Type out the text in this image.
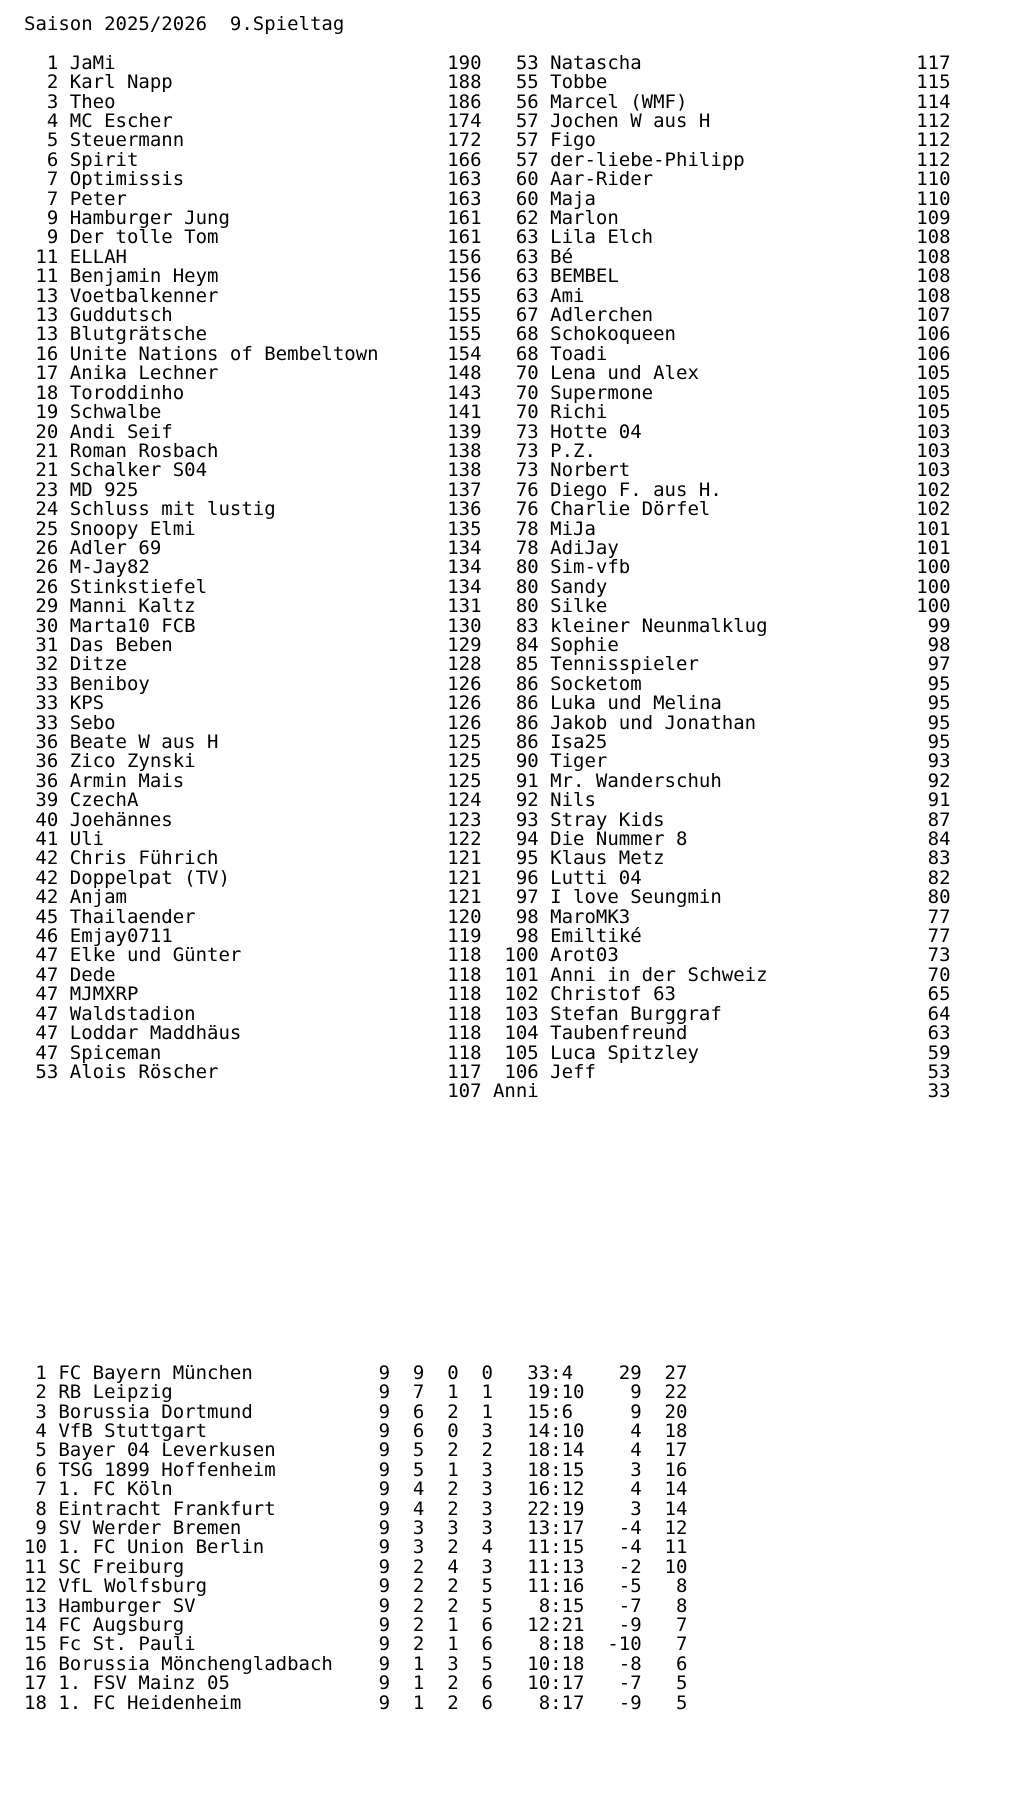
Saison 2025/2026  9.Spieltag
1 JaMi	190
2 Karl Napp	188
3 Theo	186
4 MC Escher	174
5 Steuermann	172
6 Spirit	166
7 Optimissis	163
7 Peter	163
9 Hamburger Jung	161
9 Der tolle Tom	161
11 ELLAH	156
11 Benjamin Heym	156
13 Voetbalkenner	155
13 Guddutsch	155
13 Blutgrätsche	155
16 Unite Nations of Bembeltown	154
17 Anika Lechner	148
18 Toroddinho	143
19 Schwalbe	141
20 Andi Seif	139
21 Roman Rosbach	138
21 Schalker S04	138
23 MD 925	137
24 Schluss mit lustig	136
25 Snoopy Elmi	135
26 Adler 69	134
26 M-Jay82	134
26 Stinkstiefel	134
29 Manni Kaltz	131
30 Marta10 FCB	130
31 Das Beben	129
32 Ditze	128
33 Beniboy	126
33 KPS	126
33 Sebo	126
36 Beate W aus H	125
36 Zico Zynski	125
36 Armin Mais	125
39 CzechA	124
40 Joehännes	123
41 Uli	122
42 Chris Führich	121
42 Doppelpat (TV)	121
42 Anjam	121
45 Thailaender	120
46 Emjay0711	119
47 Elke und Günter	118
47 Dede	118
47 MJMXRP	118
47 Waldstadion	118
47 Loddar Maddhäus	118
47 Spiceman	118
53 Alois Röscher	117
53 Natascha	117
55 Tobbe	115
56 Marcel (WMF)	114
57 Jochen W aus H	112
57 Figo	112
57 der-liebe-Philipp	112
60 Aar-Rider	110
60 Maja	110
62 Marlon	109
63 Lila Elch	108
63 Bé	108
63 BEMBEL	108
63 Ami	108
67 Adlerchen	107
68 Schokoqueen	106
68 Toadi	106
70 Lena und Alex	105
70 Supermone	105
70 Richi	105
73 Hotte 04	103
73 P.Z.	103
73 Norbert	103
76 Diego F. aus H.	102
76 Charlie Dörfel	102
78 MiJa	101
78 AdiJay	101
80 Sim-vfb	100
80 Sandy	100
80 Silke	100
83 kleiner Neunmalklug	99
84 Sophie	98
85 Tennisspieler	97
86 Socketom	95
86 Luka und Melina	95
86 Jakob und Jonathan	95
86 Isa25	95
90 Tiger	93
91 Mr. Wanderschuh	92
92 Nils	91
93 Stray Kids	87
94 Die Nummer 8	84
95 Klaus Metz	83
96 Lutti 04	82
97 I love Seungmin	80
98 MaroMK3	77
98 Emiltiké	77
100 Arot03	73
101 Anni in der Schweiz	70
102 Christof 63	65
103 Stefan Burggraf	64
104 Taubenfreund	63
105 Luca Spitzley	59
106 Jeff	53
107 Anni	33
1 FC Bayern München	9	9	0	0	33 : 4	29	27
2 RB Leipzig	9	7	1	1	19 : 10	9	22
3 Borussia Dortmund	9	6	2	1	15 : 6	9	20
4 VfB Stuttgart	9	6	0	3	14 : 10	4	18
5 Bayer 04 Leverkusen	9	5	2	2	18 : 14	4	17
6 TSG 1899 Hoffenheim	9	5	1	3	18 : 15	3	16
7 1. FC Köln	9	4	2	3	16 : 12	4	14
8 Eintracht Frankfurt	9	4	2	3	22 : 19	3	14
9 SV Werder Bremen	9	3	3	3	13 : 17	-4	12
10 1. FC Union Berlin	9	3	2	4	11 : 15	-4	11
11 SC Freiburg	9	2	4	3	11 : 13	-2	10
12 VfL Wolfsburg	9	2	2	5	11 : 16	-5	8
13 Hamburger SV	9	2	2	5	8 : 15	-7	8
14 FC Augsburg	9	2	1	6	12 : 21	-9	7
15 Fc St. Pauli	9	2	1	6	8 : 18	-10	7
16 Borussia Mönchengladbach	9	1	3	5	10 : 18	-8	6
17 1. FSV Mainz 05	9	1	2	6	10 : 17	-7	5
18 1. FC Heidenheim	9	1	2	6	8 : 17	-9	5
